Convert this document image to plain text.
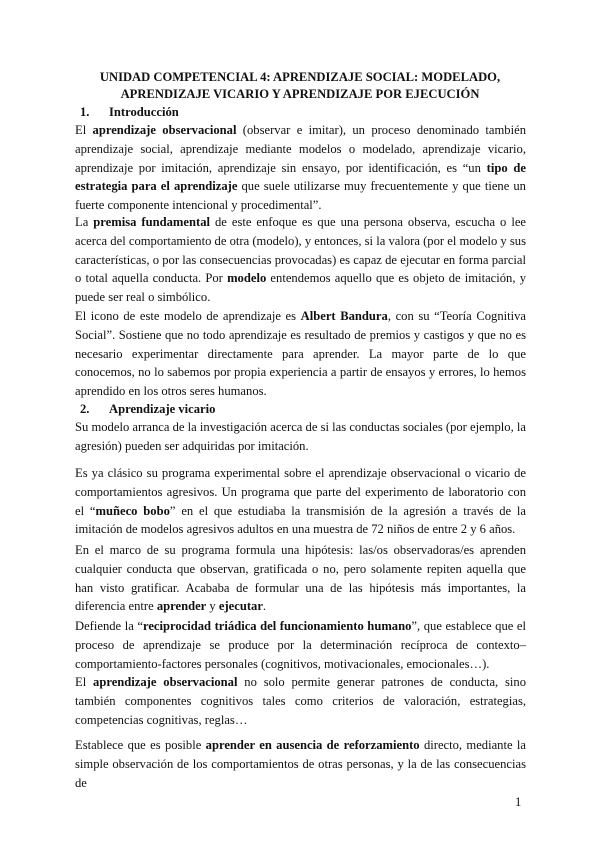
UNIDAD COMPETENCIAL 4: APRENDIZAJE SOCIAL: MODELADO,
APRENDIZAJE VICARIO Y APRENDIZAJE POR EJECUCIÓN
1. Introducción

El aprendizaje observacional (observar e imitar), un proceso denominado también aprendizaje social, aprendizaje mediante modelos o modelado, aprendizaje vicario, aprendizaje por imitación, aprendizaje sin ensayo, por identificación, es “un tipo de estrategia para el aprendizaje que suele utilizarse muy frecuentemente y que tiene un fuerte componente intencional y procedimental”.

La premisa fundamental de este enfoque es que una persona observa, escucha o lee acerca del comportamiento de otra (modelo), y entonces, si la valora (por el modelo y sus características, o por las consecuencias provocadas) es capaz de ejecutar en forma parcial o total aquella conducta. Por modelo entendemos aquello que es objeto de imitación, y puede ser real o simbólico.

El icono de este modelo de aprendizaje es Albert Bandura, con su “Teoría Cognitiva Social”. Sostiene que no todo aprendizaje es resultado de premios y castigos y que no es necesario experimentar directamente para aprender. La mayor parte de lo que conocemos, no lo sabemos por propia experiencia a partir de ensayos y errores, lo hemos aprendido en los otros seres humanos.

2. Aprendizaje vicario

Su modelo arranca de la investigación acerca de si las conductas sociales (por ejemplo, la agresión) pueden ser adquiridas por imitación.

Es ya clásico su programa experimental sobre el aprendizaje observacional o vicario de comportamientos agresivos. Un programa que parte del experimento de laboratorio con el “muñeco bobo” en el que estudiaba la transmisión de la agresión a través de la imitación de modelos agresivos adultos en una muestra de 72 niños de entre 2 y 6 años.

En el marco de su programa formula una hipótesis: las/os observadoras/es aprenden cualquier conducta que observan, gratificada o no, pero solamente repiten aquella que han visto gratificar. Acababa de formular una de las hipótesis más importantes, la diferencia entre aprender y ejecutar.

Defiende la “reciprocidad triádica del funcionamiento humano”, que establece que el proceso de aprendizaje se produce por la determinación recíproca de contexto–comportamiento-factores personales (cognitivos, motivacionales, emocionales…).

El aprendizaje observacional no solo permite generar patrones de conducta, sino también componentes cognitivos tales como criterios de valoración, estrategias, competencias cognitivas, reglas…

Establece que es posible aprender en ausencia de reforzamiento directo, mediante la simple observación de los comportamientos de otras personas, y la de las consecuencias de

1
